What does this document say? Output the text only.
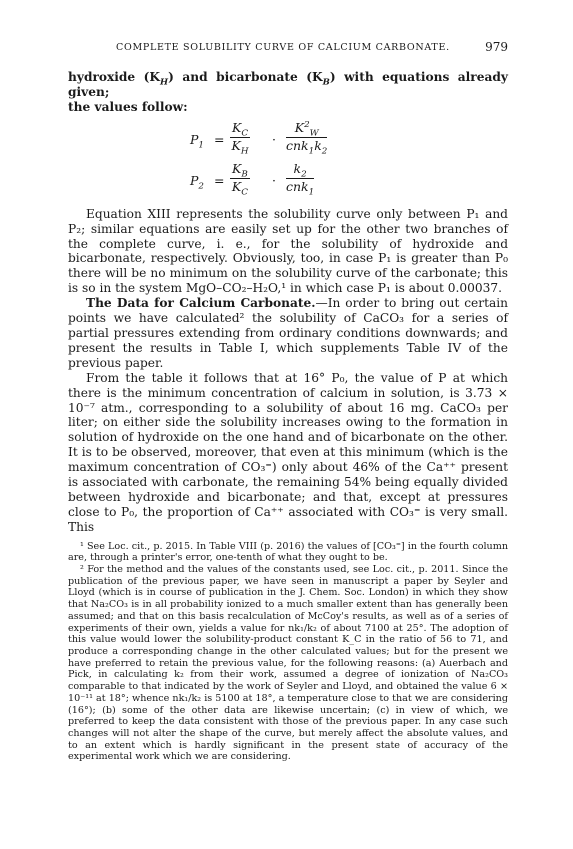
COMPLETE SOLUBILITY CURVE OF CALCIUM CARBONATE.	979

hydroxide $(K_H)$ and bicarbonate $(K_B)$ with equations already given;

the values follow:

$P_1 = \frac{K_C}{K_H}$ ·
$K^2_W$
$cnk_1k_2$
$P_2 = \frac{K_B}{K_C}$ ·
$k_2$
cnk$_1$

Equation XIII represents the solubility curve only between P₁ and P₂; similar equations are easily set up for the other two branches of the complete curve, i. e., for the solubility of hydroxide and bicarbonate, respectively. Obviously, too, in case P₁ is greater than P₀ there will be no minimum on the solubility curve of the carbonate; this is so in the system MgO–CO₂–H₂O,¹ in which case P₁ is about 0.00037.

The Data for Calcium Carbonate.—In order to bring out certain points we have calculated² the solubility of CaCO₃ for a series of partial pressures extending from ordinary conditions downwards; and present the results in Table I, which supplements Table IV of the previous paper.

From the table it follows that at 16° P₀, the value of P at which there is the minimum concentration of calcium in solution, is 3.73 × 10⁻⁷ atm., corresponding to a solubility of about 16 mg. CaCO₃ per liter; on either side the solubility increases owing to the formation in solution of hydroxide on the one hand and of bicarbonate on the other. It is to be observed, moreover, that even at this minimum (which is the maximum concentration of CO₃⁼) only about 46% of the Ca⁺⁺ present is associated with carbonate, the remaining 54% being equally divided between hydroxide and bicarbonate; and that, except at pressures close to P₀, the proportion of Ca⁺⁺ associated with CO₃⁼ is very small. This

¹ See Loc. cit., p. 2015. In Table VIII (p. 2016) the values of [CO₃⁼] in the fourth column are, through a printer's error, one-tenth of what they ought to be.

² For the method and the values of the constants used, see Loc. cit., p. 2011. Since the publication of the previous paper, we have seen in manuscript a paper by Seyler and Lloyd (which is in course of publication in the J. Chem. Soc. London) in which they show that Na₂CO₃ is in all probability ionized to a much smaller extent than has generally been assumed; and that on this basis recalculation of McCoy's results, as well as of a series of experiments of their own, yields a value for nk₁/k₂ of about 7100 at 25°. The adoption of this value would lower the solubility-product constant K_C in the ratio of 56 to 71, and produce a corresponding change in the other calculated values; but for the present we have preferred to retain the previous value, for the following reasons: (a) Auerbach and Pick, in calculating k₂ from their work, assumed a degree of ionization of Na₂CO₃ comparable to that indicated by the work of Seyler and Lloyd, and obtained the value 6 × 10⁻¹¹ at 18°; whence nk₁/k₂ is 5100 at 18°, a temperature close to that we are considering (16°); (b) some of the other data are likewise uncertain; (c) in view of which, we preferred to keep the data consistent with those of the previous paper. In any case such changes will not alter the shape of the curve, but merely affect the absolute values, and to an extent which is hardly significant in the present state of accuracy of the experimental work which we are considering.
